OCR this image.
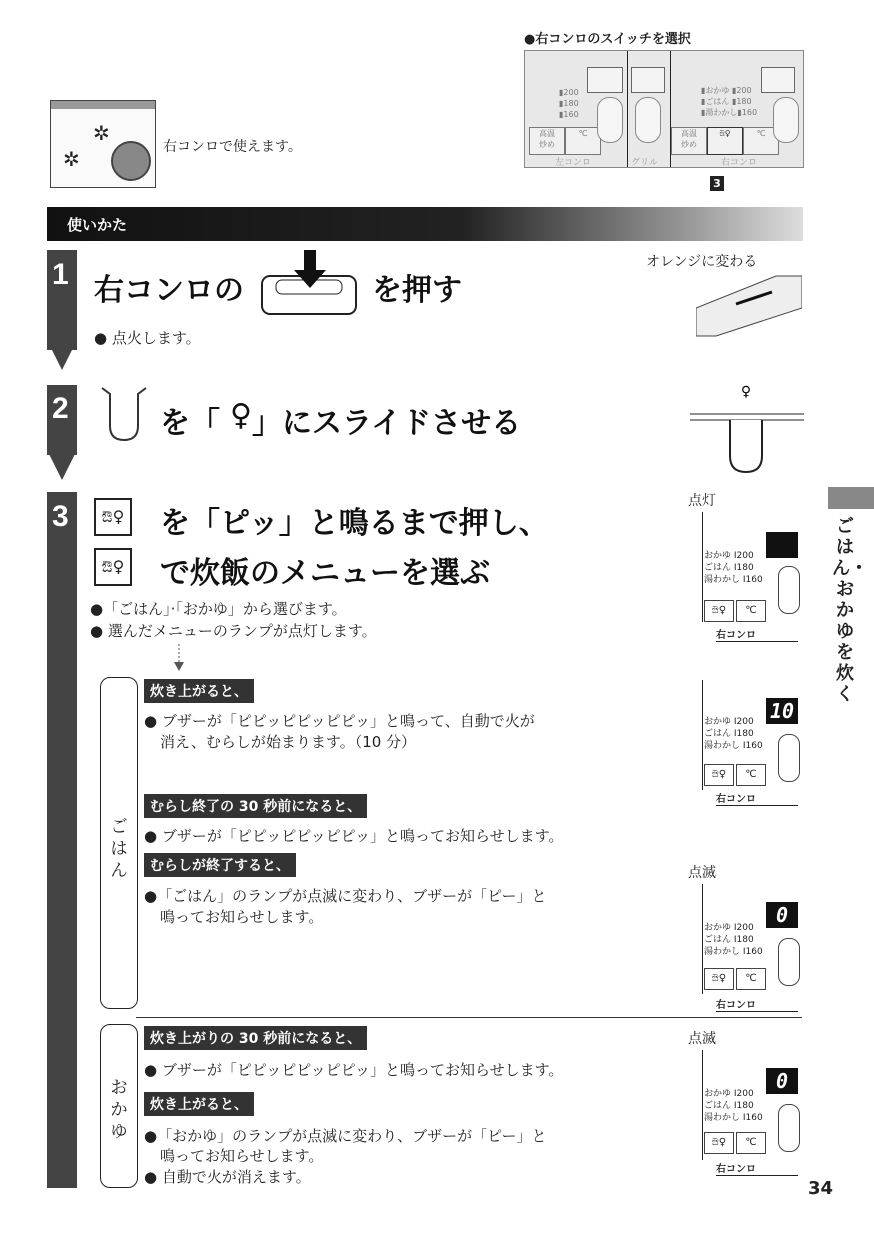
●右コンロのスイッチを選択
▮200
▮180
▮160
高温
炒め
℃
左コンロ	グリル
▮おかゆ ▮200
▮ごはん ▮180
▮湯わかし▮160
高温
炒め
ಔ♀	℃
右コンロ
3
✲
✲	右コンロで使えます。
使いかた
1 右コンロの	を押す
● 点火します。
オレンジに変わる
2	を「 ♀ 」にスライドさせる
♀
3	ಔ♀ を「ピッ」と鳴るまで押し、
ಔ♀ で炊飯のメニューを選ぶ
●「ごはん」·「おかゆ」から選びます。
● 選んだメニューのランプが点灯します。
ご
は
ん
炊き上がると、
● ブザーが「ピピッピピッピピッ」と鳴って、自動で火が
消え、むらしが始まります。（10 分）
むらし終了の 30 秒前になると、
● ブザーが「ピピッピピッピピッ」と鳴ってお知らせします。
むらしが終了すると、
●「ごはん」のランプが点滅に変わり、ブザーが「ピー」と
鳴ってお知らせします。
お
か
ゆ
炊き上がりの 30 秒前になると、
● ブザーが「ピピッピピッピピッ」と鳴ってお知らせします。
炊き上がると、
●「おかゆ」のランプが点滅に変わり、ブザーが「ピー」と
鳴ってお知らせします。
● 自動で火が消えます。
点灯
おかゆ I200
ごはん I180
湯わかし I160
ಔ♀	℃
右コンロ
10
おかゆ I200
ごはん I180
湯わかし I160
ಔ♀	℃
右コンロ
点滅
0
おかゆ I200
ごはん I180
湯わかし I160
ಔ♀	℃
右コンロ
点滅
0
おかゆ I200
ごはん I180
湯わかし I160
ಔ♀	℃
右コンロ
ごはん・おかゆを炊く
34
